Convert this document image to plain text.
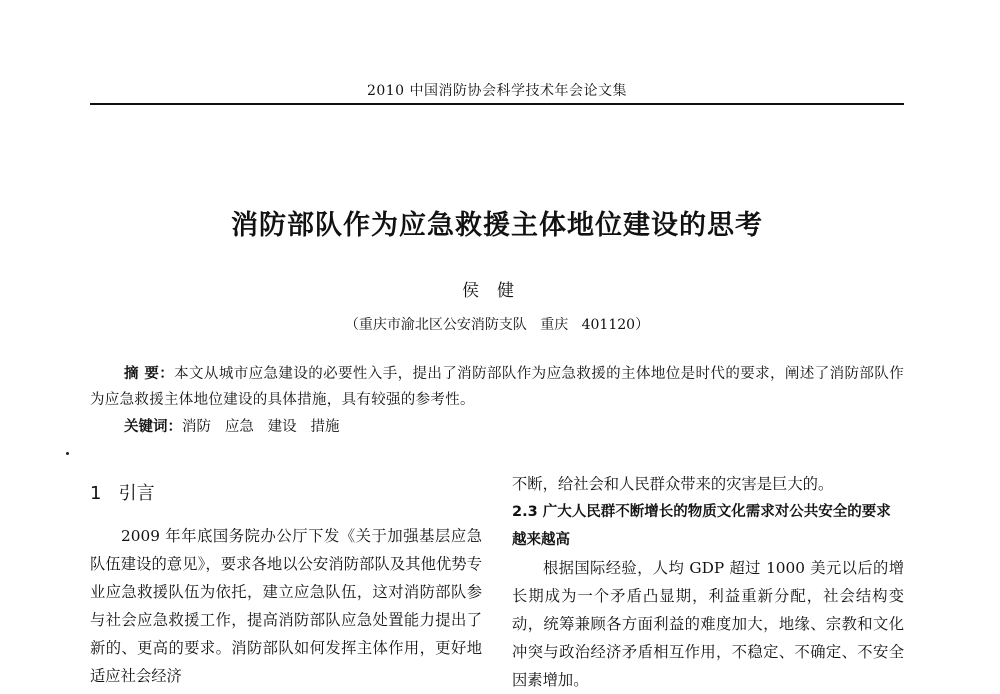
2010 中国消防协会科学技术年会论文集
消防部队作为应急救援主体地位建设的思考
侯健
（重庆市渝北区公安消防支队   重庆   401120）
摘 要：本文从城市应急建设的必要性入手，提出了消防部队作为应急救援的主体地位是时代的要求，阐述了消防部队作为应急救援主体地位建设的具体措施，具有较强的参考性。
关键词：消防   应急   建设   措施
1   引言

2009 年年底国务院办公厅下发《关于加强基层应急队伍建设的意见》，要求各地以公安消防部队及其他优势专业应急救援队伍为依托，建立应急队伍，这对消防部队参与社会应急救援工作，提高消防部队应急处置能力提出了新的、更高的要求。消防部队如何发挥主体作用，更好地适应社会经济

不断，给社会和人民群众带来的灾害是巨大的。

2.3 广大人民群不断增长的物质文化需求对公共安全的要求越来越高

根据国际经验，人均 GDP 超过 1000 美元以后的增长期成为一个矛盾凸显期，利益重新分配，社会结构变动，统筹兼顾各方面利益的难度加大，地缘、宗教和文化冲突与政治经济矛盾相互作用，不稳定、不确定、不安全因素增加。
